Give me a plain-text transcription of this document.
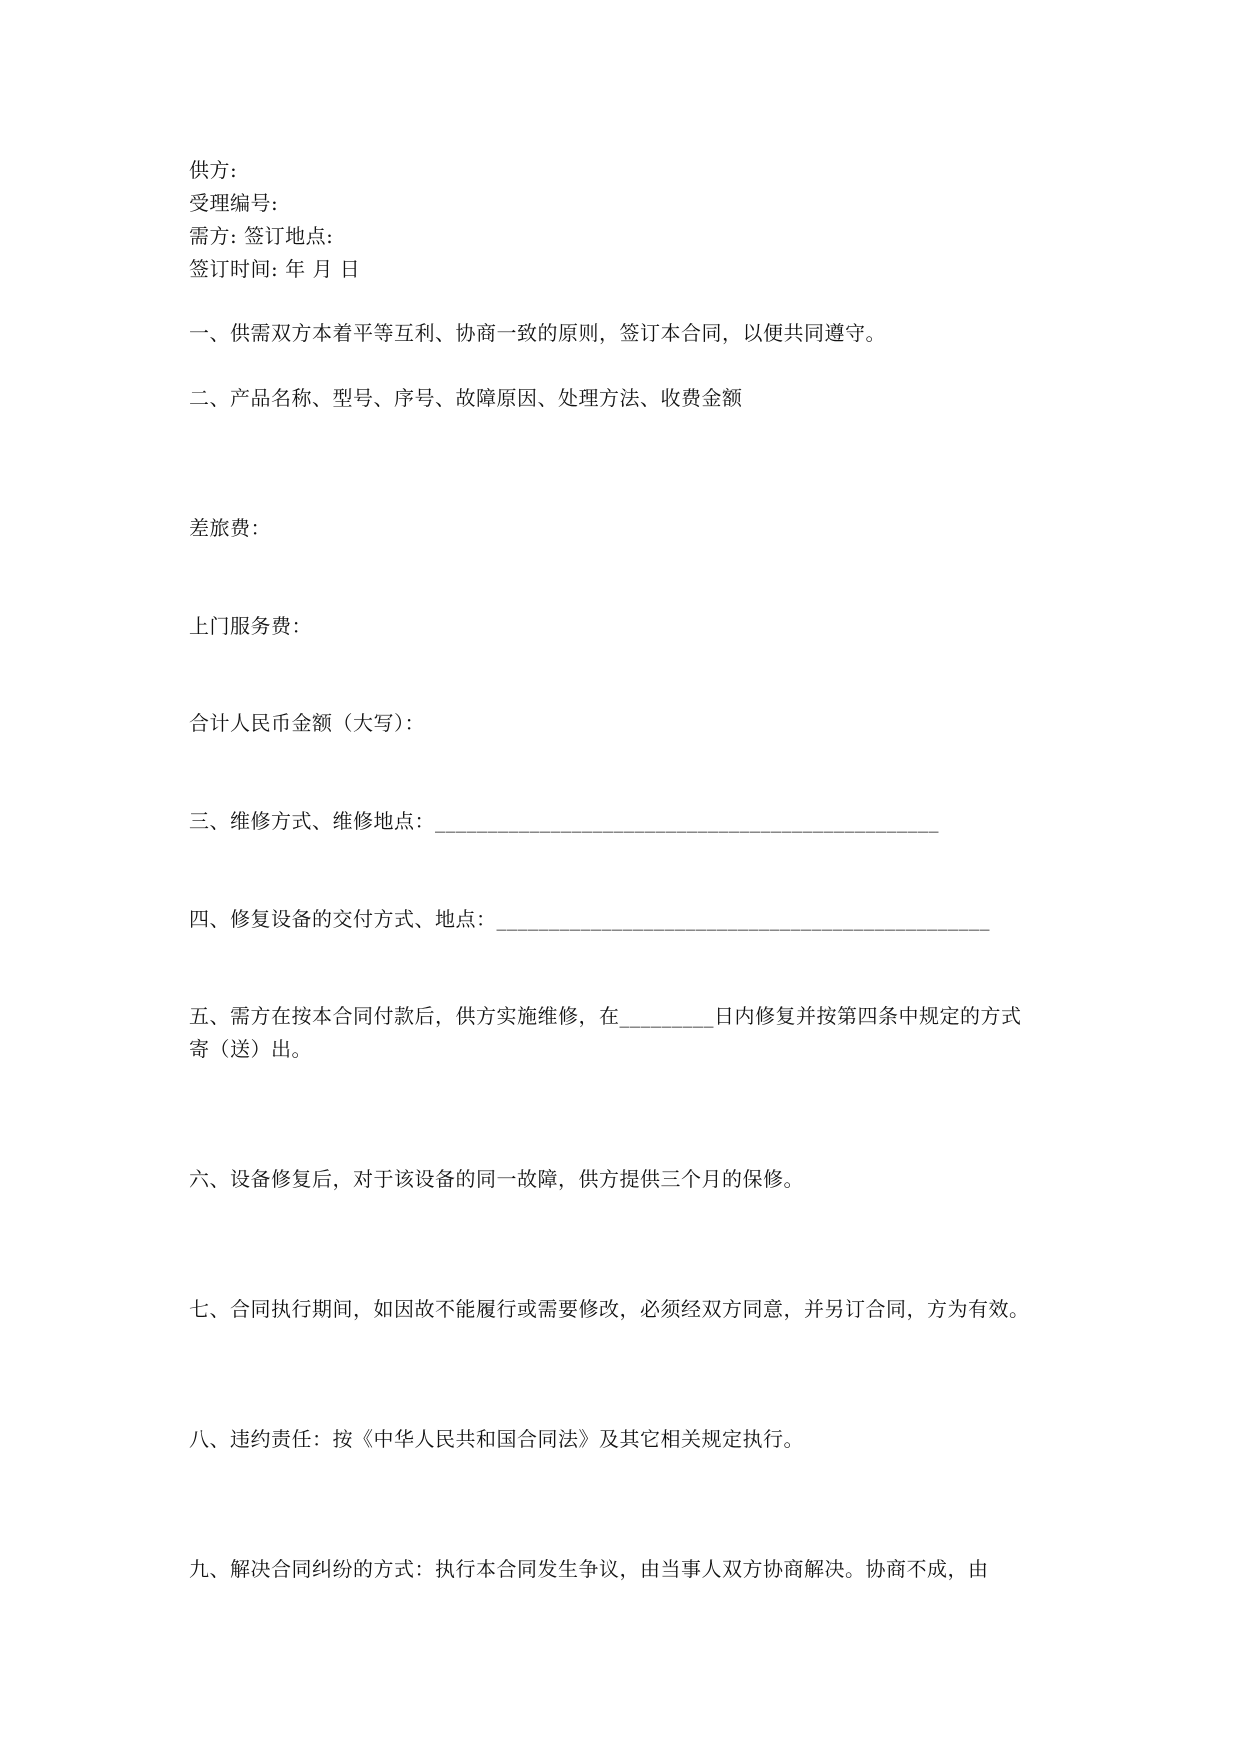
供方:
受理编号:
需方: 签订地点:
签订时间: 年 月 日
一、供需双方本着平等互利、协商一致的原则，签订本合同，以便共同遵守。
二、产品名称、型号、序号、故障原因、处理方法、收费金额
差旅费：
上门服务费：
合计人民币金额（大写）：
三、维修方式、维修地点：________________________________________________
四、修复设备的交付方式、地点：_______________________________________________
五、需方在按本合同付款后，供方实施维修，在_________日内修复并按第四条中规定的方式
寄（送）出。
六、设备修复后，对于该设备的同一故障，供方提供三个月的保修。
七、合同执行期间，如因故不能履行或需要修改，必须经双方同意，并另订合同，方为有效。
八、违约责任：按《中华人民共和国合同法》及其它相关规定执行。
九、解决合同纠纷的方式：执行本合同发生争议，由当事人双方协商解决。协商不成，由
